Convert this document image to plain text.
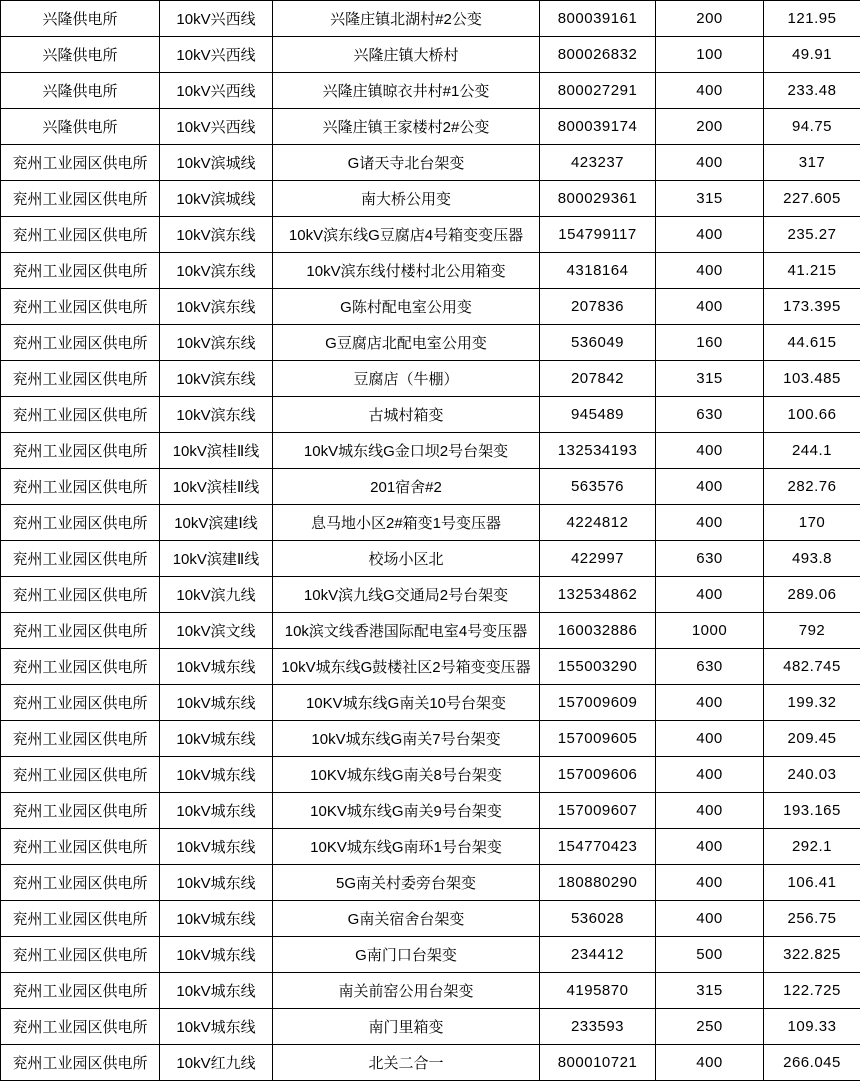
兴隆供电所	10kV兴西线	兴隆庄镇北湖村#2公变	800039161	200	121.95
兴隆供电所	10kV兴西线	兴隆庄镇大桥村	800026832	100	49.91
兴隆供电所	10kV兴西线	兴隆庄镇晾衣井村#1公变	800027291	400	233.48
兴隆供电所	10kV兴西线	兴隆庄镇王家楼村2#公变	800039174	200	94.75
兖州工业园区供电所	10kV滨城线	G诸天寺北台架变	423237	400	317
兖州工业园区供电所	10kV滨城线	南大桥公用变	800029361	315	227.605
兖州工业园区供电所	10kV滨东线	10kV滨东线G豆腐店4号箱变变压器	154799117	400	235.27
兖州工业园区供电所	10kV滨东线	10kV滨东线付楼村北公用箱变	4318164	400	41.215
兖州工业园区供电所	10kV滨东线	G陈村配电室公用变	207836	400	173.395
兖州工业园区供电所	10kV滨东线	G豆腐店北配电室公用变	536049	160	44.615
兖州工业园区供电所	10kV滨东线	豆腐店（牛棚）	207842	315	103.485
兖州工业园区供电所	10kV滨东线	古城村箱变	945489	630	100.66
兖州工业园区供电所	10kV滨桂Ⅱ线	10kV城东线G金口坝2号台架变	132534193	400	244.1
兖州工业园区供电所	10kV滨桂Ⅱ线	201宿舍#2	563576	400	282.76
兖州工业园区供电所	10kV滨建Ⅰ线	息马地小区2#箱变1号变压器	4224812	400	170
兖州工业园区供电所	10kV滨建Ⅱ线	校场小区北	422997	630	493.8
兖州工业园区供电所	10kV滨九线	10kV滨九线G交通局2号台架变	132534862	400	289.06
兖州工业园区供电所	10kV滨文线	10k滨文线香港国际配电室4号变压器	160032886	1000	792
兖州工业园区供电所	10kV城东线	10kV城东线G鼓楼社区2号箱变变压器	155003290	630	482.745
兖州工业园区供电所	10kV城东线	10KV城东线G南关10号台架变	157009609	400	199.32
兖州工业园区供电所	10kV城东线	10kV城东线G南关7号台架变	157009605	400	209.45
兖州工业园区供电所	10kV城东线	10KV城东线G南关8号台架变	157009606	400	240.03
兖州工业园区供电所	10kV城东线	10KV城东线G南关9号台架变	157009607	400	193.165
兖州工业园区供电所	10kV城东线	10KV城东线G南环1号台架变	154770423	400	292.1
兖州工业园区供电所	10kV城东线	5G南关村委旁台架变	180880290	400	106.41
兖州工业园区供电所	10kV城东线	G南关宿舍台架变	536028	400	256.75
兖州工业园区供电所	10kV城东线	G南门口台架变	234412	500	322.825
兖州工业园区供电所	10kV城东线	南关前窑公用台架变	4195870	315	122.725
兖州工业园区供电所	10kV城东线	南门里箱变	233593	250	109.33
兖州工业园区供电所	10kV红九线	北关二合一	800010721	400	266.045
